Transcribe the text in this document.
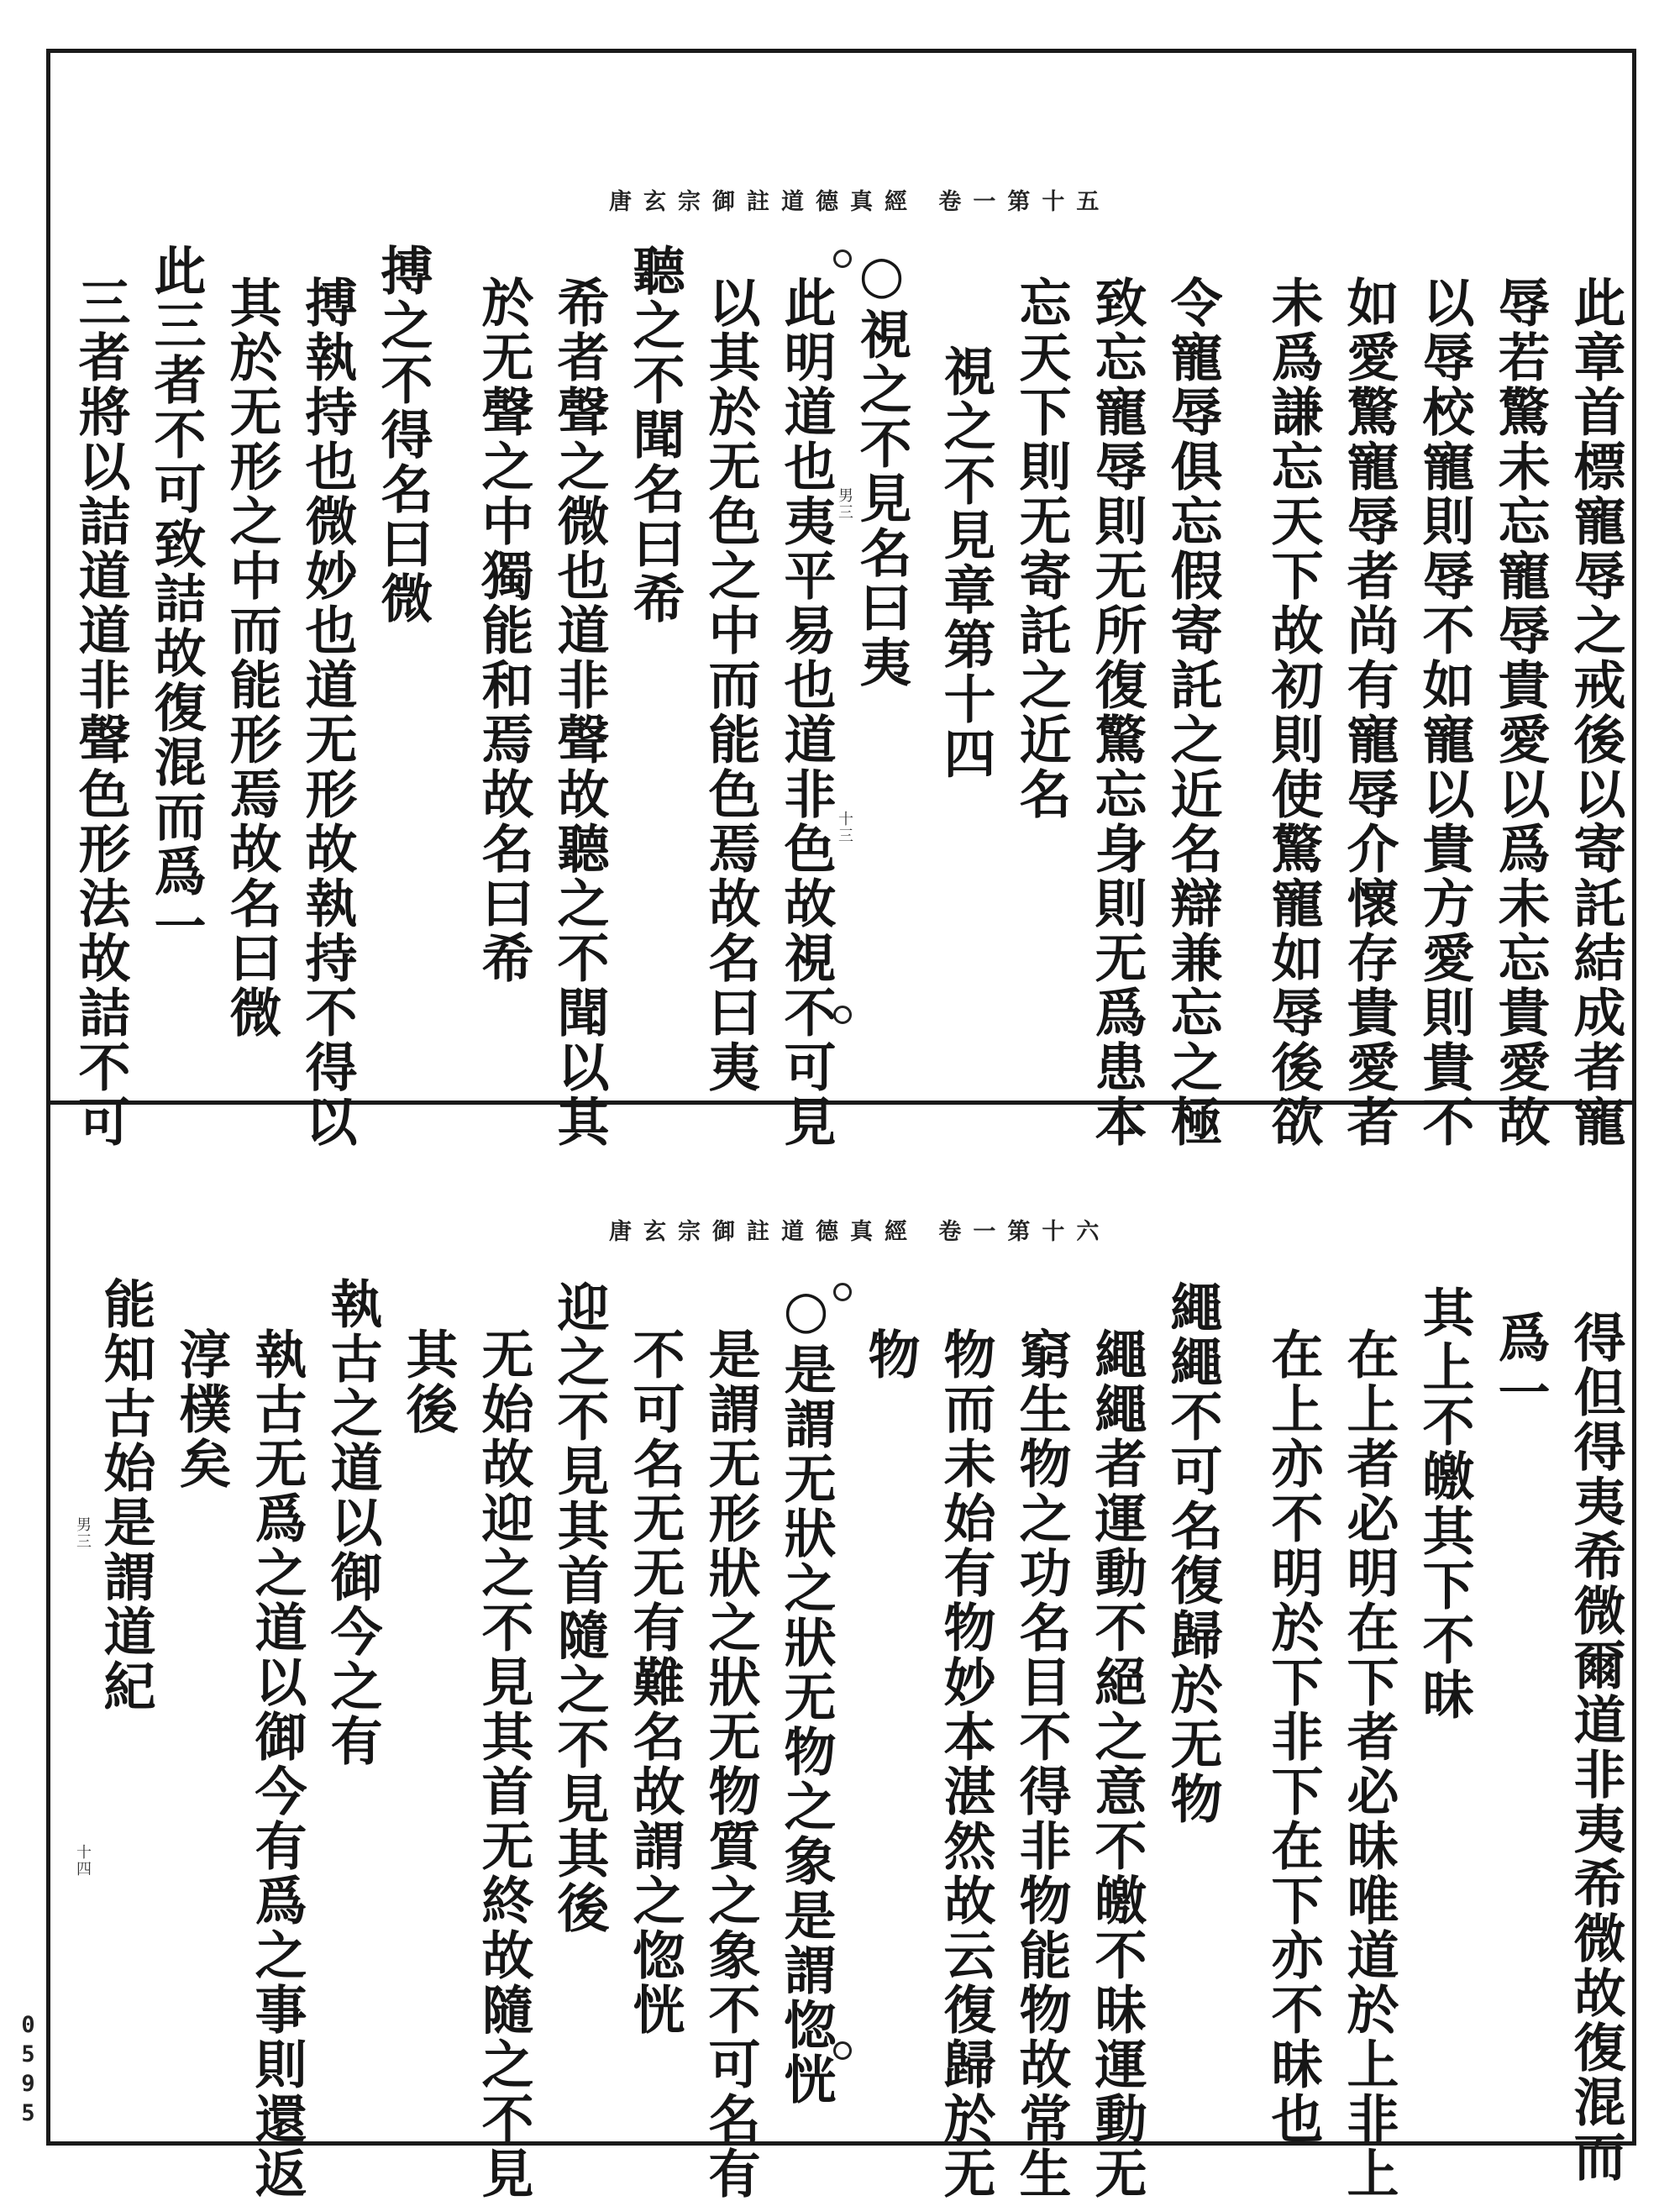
唐玄宗御註道德真經 卷一第十五
此章首標寵辱之戒後以寄託結成者寵
辱若驚未忘寵辱貴愛以爲未忘貴愛故
以辱校寵則辱不如寵以貴方愛則貴不
如愛驚寵辱者尚有寵辱介懷存貴愛者
未爲謙忘天下故初則使驚寵如辱後欲
令寵辱俱忘假寄託之近名辯兼忘之極
致忘寵辱則无所復驚忘身則无爲患本
忘天下則无寄託之近名
視之不見章第十四
○視之不見名曰夷
此明道也夷平易也道非色故視不可見
以其於无色之中而能色焉故名曰夷
聽之不聞名曰希
希者聲之微也道非聲故聽之不聞以其
於无聲之中獨能和焉故名曰希
搏之不得名曰微
搏執持也微妙也道无形故執持不得以
其於无形之中而能形焉故名曰微
此三者不可致詰故復混而爲一
三者將以詰道道非聲色形法故詰不可	男三
十三
唐玄宗御註道德真經 卷一第十六
得但得夷希微爾道非夷希微故復混而
爲一
其上不皦其下不昧
在上者必明在下者必昧唯道於上非上
在上亦不明於下非下在下亦不昧也
繩繩不可名復歸於无物
繩繩者運動不絕之意不皦不昧運動无
窮生物之功名目不得非物能物故常生
物而未始有物妙本湛然故云復歸於无
物
○是謂无狀之狀无物之象是謂惚恍
是謂无形狀之狀无物質之象不可名有
不可名无无有難名故謂之惚恍
迎之不見其首隨之不見其後
无始故迎之不見其首无終故隨之不見
其後
執古之道以御今之有
執古无爲之道以御今有爲之事則還返
淳樸矣
能知古始是謂道紀
男三
十四
0595
